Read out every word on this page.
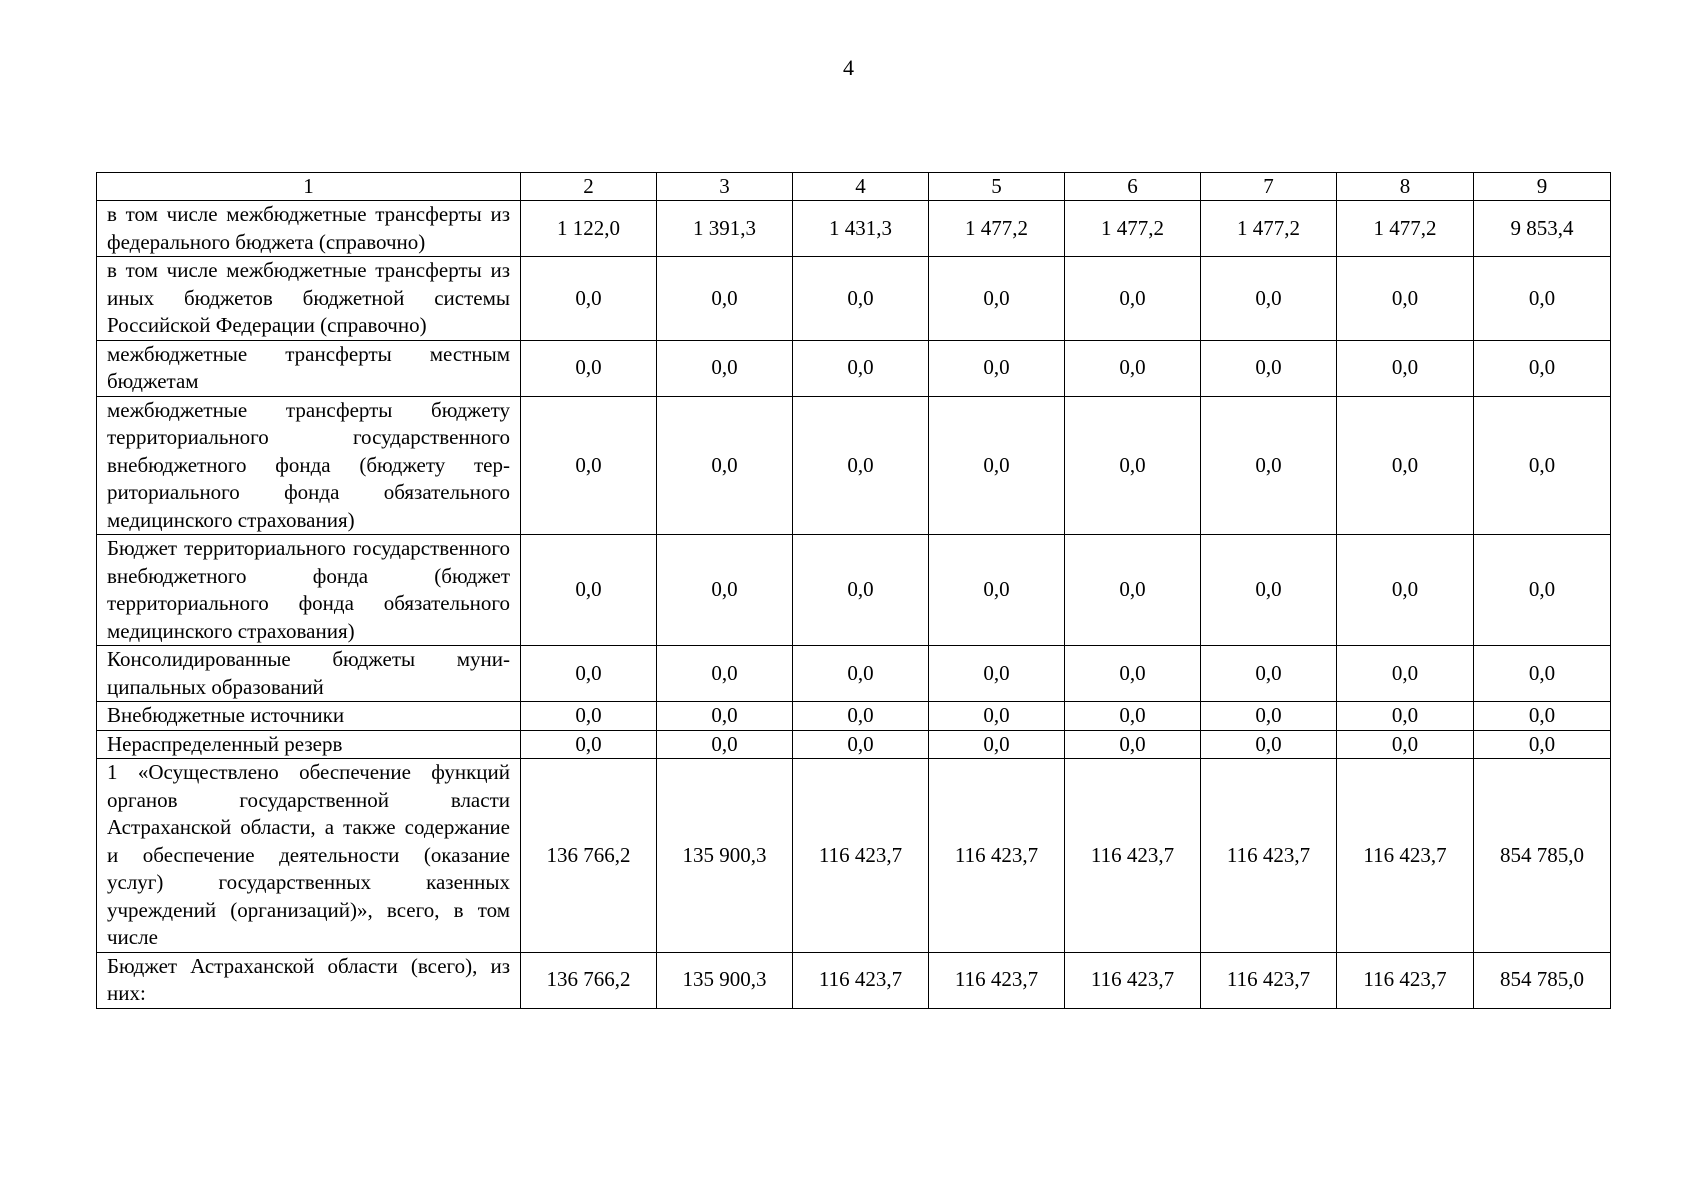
4
1	2	3	4	5	6	7	8	9
в том числе межбюджетные трансферты из федерального бюджета (справочно)	1 122,0	1 391,3	1 431,3	1 477,2	1 477,2	1 477,2	1 477,2	9 853,4
в том числе межбюджетные трансферты из иных бюджетов бюджетной системы Российской Федерации (справочно)	0,0	0,0	0,0	0,0	0,0	0,0	0,0	0,0
межбюджетные трансферты местным бюджетам	0,0	0,0	0,0	0,0	0,0	0,0	0,0	0,0
межбюджетные трансферты бюджету территориального государственного внебюджетного фонда (бюджету территориального фонда обязательного медицинского страхования)	0,0	0,0	0,0	0,0	0,0	0,0	0,0	0,0
Бюджет территориального государственного внебюджетного фонда (бюджет территориального фонда обязательного медицинского страхования)	0,0	0,0	0,0	0,0	0,0	0,0	0,0	0,0
Консолидированные бюджеты муниципальных образований	0,0	0,0	0,0	0,0	0,0	0,0	0,0	0,0
Внебюджетные источники	0,0	0,0	0,0	0,0	0,0	0,0	0,0	0,0
Нераспределенный резерв	0,0	0,0	0,0	0,0	0,0	0,0	0,0	0,0
1 «Осуществлено обеспечение функций органов государственной власти Астраханской области, а также содержание и обеспечение деятельности (оказание услуг) государственных казенных учреждений (организаций)», всего, в том числе	136 766,2	135 900,3	116 423,7	116 423,7	116 423,7	116 423,7	116 423,7	854 785,0
Бюджет Астраханской области (всего), из них:	136 766,2	135 900,3	116 423,7	116 423,7	116 423,7	116 423,7	116 423,7	854 785,0
